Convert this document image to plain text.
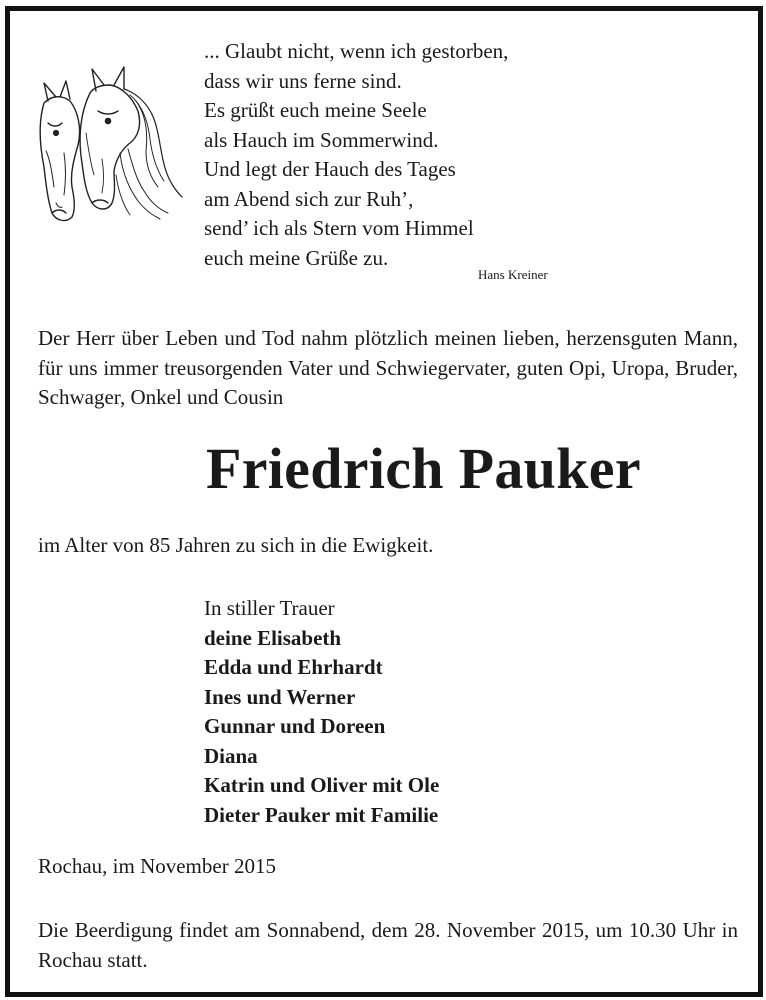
... Glaubt nicht, wenn ich gestorben,
dass wir uns ferne sind.
Es grüßt euch meine Seele
als Hauch im Sommerwind.
Und legt der Hauch des Tages
am Abend sich zur Ruh’,
send’ ich als Stern vom Himmel
euch meine Grüße zu.
Hans Kreiner
Der Herr über Leben und Tod nahm plötzlich meinen lieben, herzensguten Mann, für uns immer treusorgenden Vater und Schwiegervater, guten Opi, Uropa, Bruder, Schwager, Onkel und Cousin
Friedrich Pauker
im Alter von 85 Jahren zu sich in die Ewigkeit.
In stiller Trauer
deine Elisabeth
Edda und Ehrhardt
Ines und Werner
Gunnar und Doreen
Diana
Katrin und Oliver mit Ole
Dieter Pauker mit Familie
Rochau, im November 2015
Die Beerdigung findet am Sonnabend, dem 28. November 2015, um 10.30 Uhr in Rochau statt.
